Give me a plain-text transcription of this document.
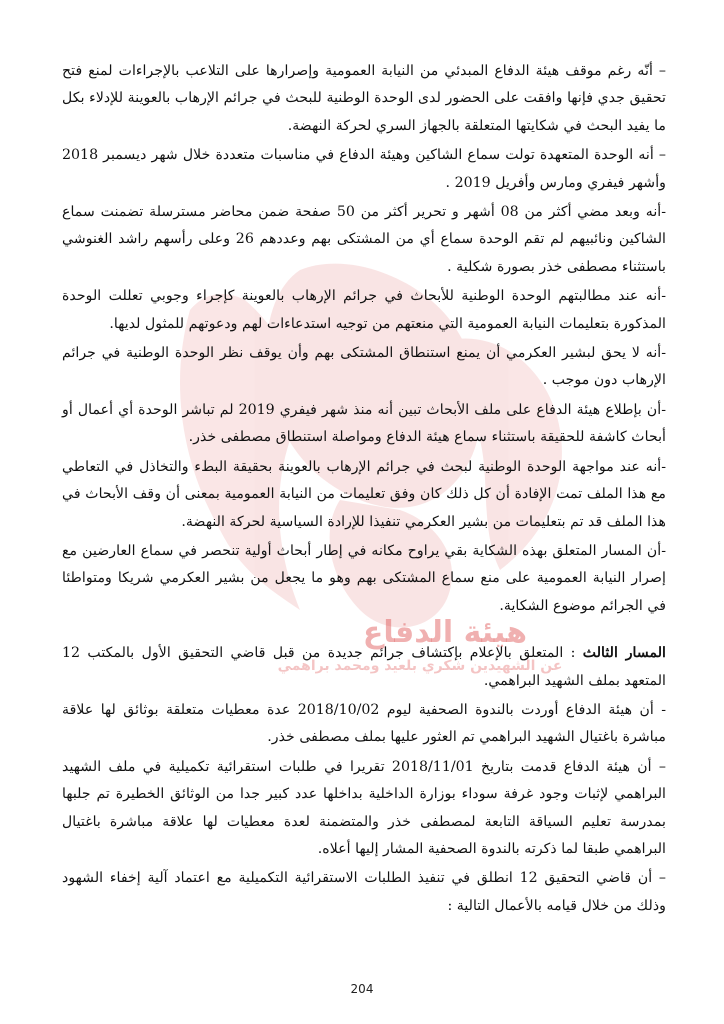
هيئة الدفاع
عن الشهيدين شكري بلعيد ومحمد براهمي

– أنّه رغم موقف هيئة الدفاع المبدئي من النيابة العمومية وإصرارها على التلاعب بالإجراءات لمنع فتح تحقيق جدي فإنها وافقت على الحضور لدى الوحدة الوطنية للبحث في جرائم الإرهاب بالعوينة للإدلاء بكل ما يفيد البحث في شكايتها المتعلقة بالجهاز السري لحركة النهضة.

– أنه الوحدة المتعهدة تولت سماع الشاكين وهيئة الدفاع في مناسبات متعددة خلال شهر ديسمبر 2018 وأشهر فيفري ومارس وأفريل 2019 .

-أنه وبعد مضي أكثر من 08 أشهر و تحرير أكثر من 50 صفحة ضمن محاضر مسترسلة تضمنت سماع الشاكين ونائبيهم لم تقم الوحدة سماع أي من المشتكى بهم وعددهم 26 وعلى رأسهم راشد الغنوشي باستثناء مصطفى خذر بصورة شكلية .

-أنه عند مطالبتهم الوحدة الوطنية للأبحاث في جرائم الإرهاب بالعوينة كإجراء وجوبي تعللت الوحدة المذكورة بتعليمات النيابة العمومية التي منعتهم من توجيه استدعاءات لهم ودعوتهم للمثول لديها.

-أنه لا يحق لبشير العكرمي أن يمنع استنطاق المشتكى بهم وأن يوقف نظر الوحدة الوطنية في جرائم الإرهاب دون موجب .

-أن بإطلاع هيئة الدفاع على ملف الأبحاث تبين أنه منذ شهر فيفري 2019 لم تباشر الوحدة أي أعمال أو أبحاث كاشفة للحقيقة باستثناء سماع هيئة الدفاع ومواصلة استنطاق مصطفى خذر.

-أنه عند مواجهة الوحدة الوطنية لبحث في جرائم الإرهاب بالعوينة بحقيقة البطء والتخاذل في التعاطي مع هذا الملف تمت الإفادة أن كل ذلك كان وفق تعليمات من النيابة العمومية بمعنى أن وقف الأبحاث في هذا الملف قد تم بتعليمات من بشير العكرمي تنفيذا للإرادة السياسية لحركة النهضة.

-أن المسار المتعلق بهذه الشكاية بقي يراوح مكانه في إطار أبحاث أولية تنحصر في سماع العارضين مع إصرار النيابة العمومية على منع سماع المشتكى بهم وهو ما يجعل من بشير العكرمي شريكا ومتواطئا في الجرائم موضوع الشكاية.

المسار الثالث : المتعلق بالإعلام بإكتشاف جرائم جديدة من قبل قاضي التحقيق الأول بالمكتب 12 المتعهد بملف الشهيد البراهمي.

- أن هيئة الدفاع أوردت بالندوة الصحفية ليوم 2018/10/02 عدة معطيات متعلقة بوثائق لها علاقة مباشرة باغتيال الشهيد البراهمي تم العثور عليها بملف مصطفى خذر.

– أن هيئة الدفاع قدمت بتاريخ 2018/11/01 تقريرا في طلبات استقرائية تكميلية في ملف الشهيد البراهمي لإثبات وجود غرفة سوداء بوزارة الداخلية بداخلها عدد كبير جدا من الوثائق الخطيرة تم جلبها بمدرسة تعليم السياقة التابعة لمصطفى خذر والمتضمنة لعدة معطيات لها علاقة مباشرة باغتيال البراهمي طبقا لما ذكرته بالندوة الصحفية المشار إليها أعلاه.

– أن قاضي التحقيق 12 انطلق في تنفيذ الطلبات الاستقرائية التكميلية مع اعتماد آلية إخفاء الشهود وذلك من خلال قيامه بالأعمال التالية :

204
